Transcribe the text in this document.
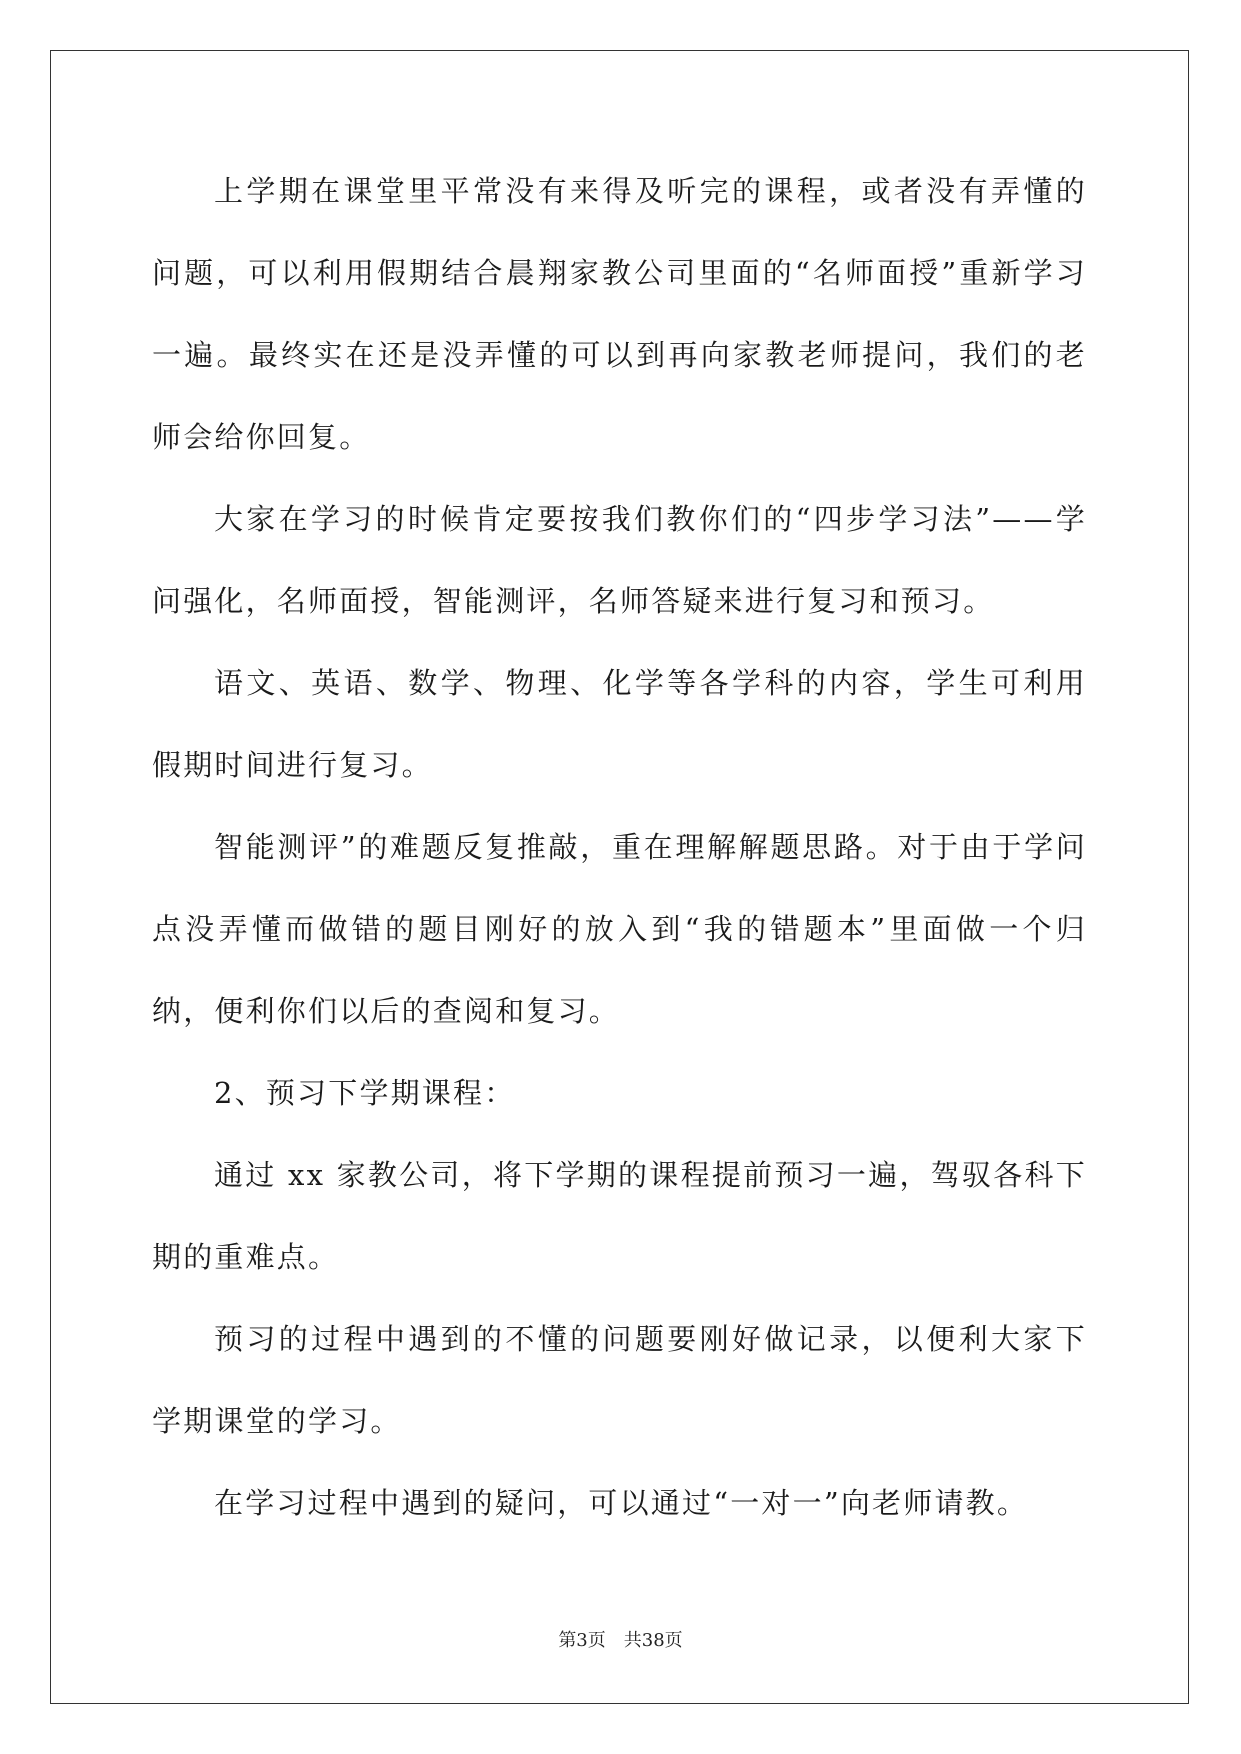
上学期在课堂里平常没有来得及听完的课程，或者没有弄懂的问题，可以利用假期结合晨翔家教公司里面的“名师面授”重新学习一遍。最终实在还是没弄懂的可以到再向家教老师提问，我们的老师会给你回复。

大家在学习的时候肯定要按我们教你们的“四步学习法”——学问强化，名师面授，智能测评，名师答疑来进行复习和预习。

语文、英语、数学、物理、化学等各学科的内容，学生可利用假期时间进行复习。

智能测评”的难题反复推敲，重在理解解题思路。对于由于学问点没弄懂而做错的题目刚好的放入到“我的错题本”里面做一个归纳，便利你们以后的查阅和复习。

2、预习下学期课程：

通过 xx 家教公司，将下学期的课程提前预习一遍，驾驭各科下期的重难点。

预习的过程中遇到的不懂的问题要刚好做记录，以便利大家下学期课堂的学习。

在学习过程中遇到的疑问，可以通过“一对一”向老师请教。

第3页 共38页
